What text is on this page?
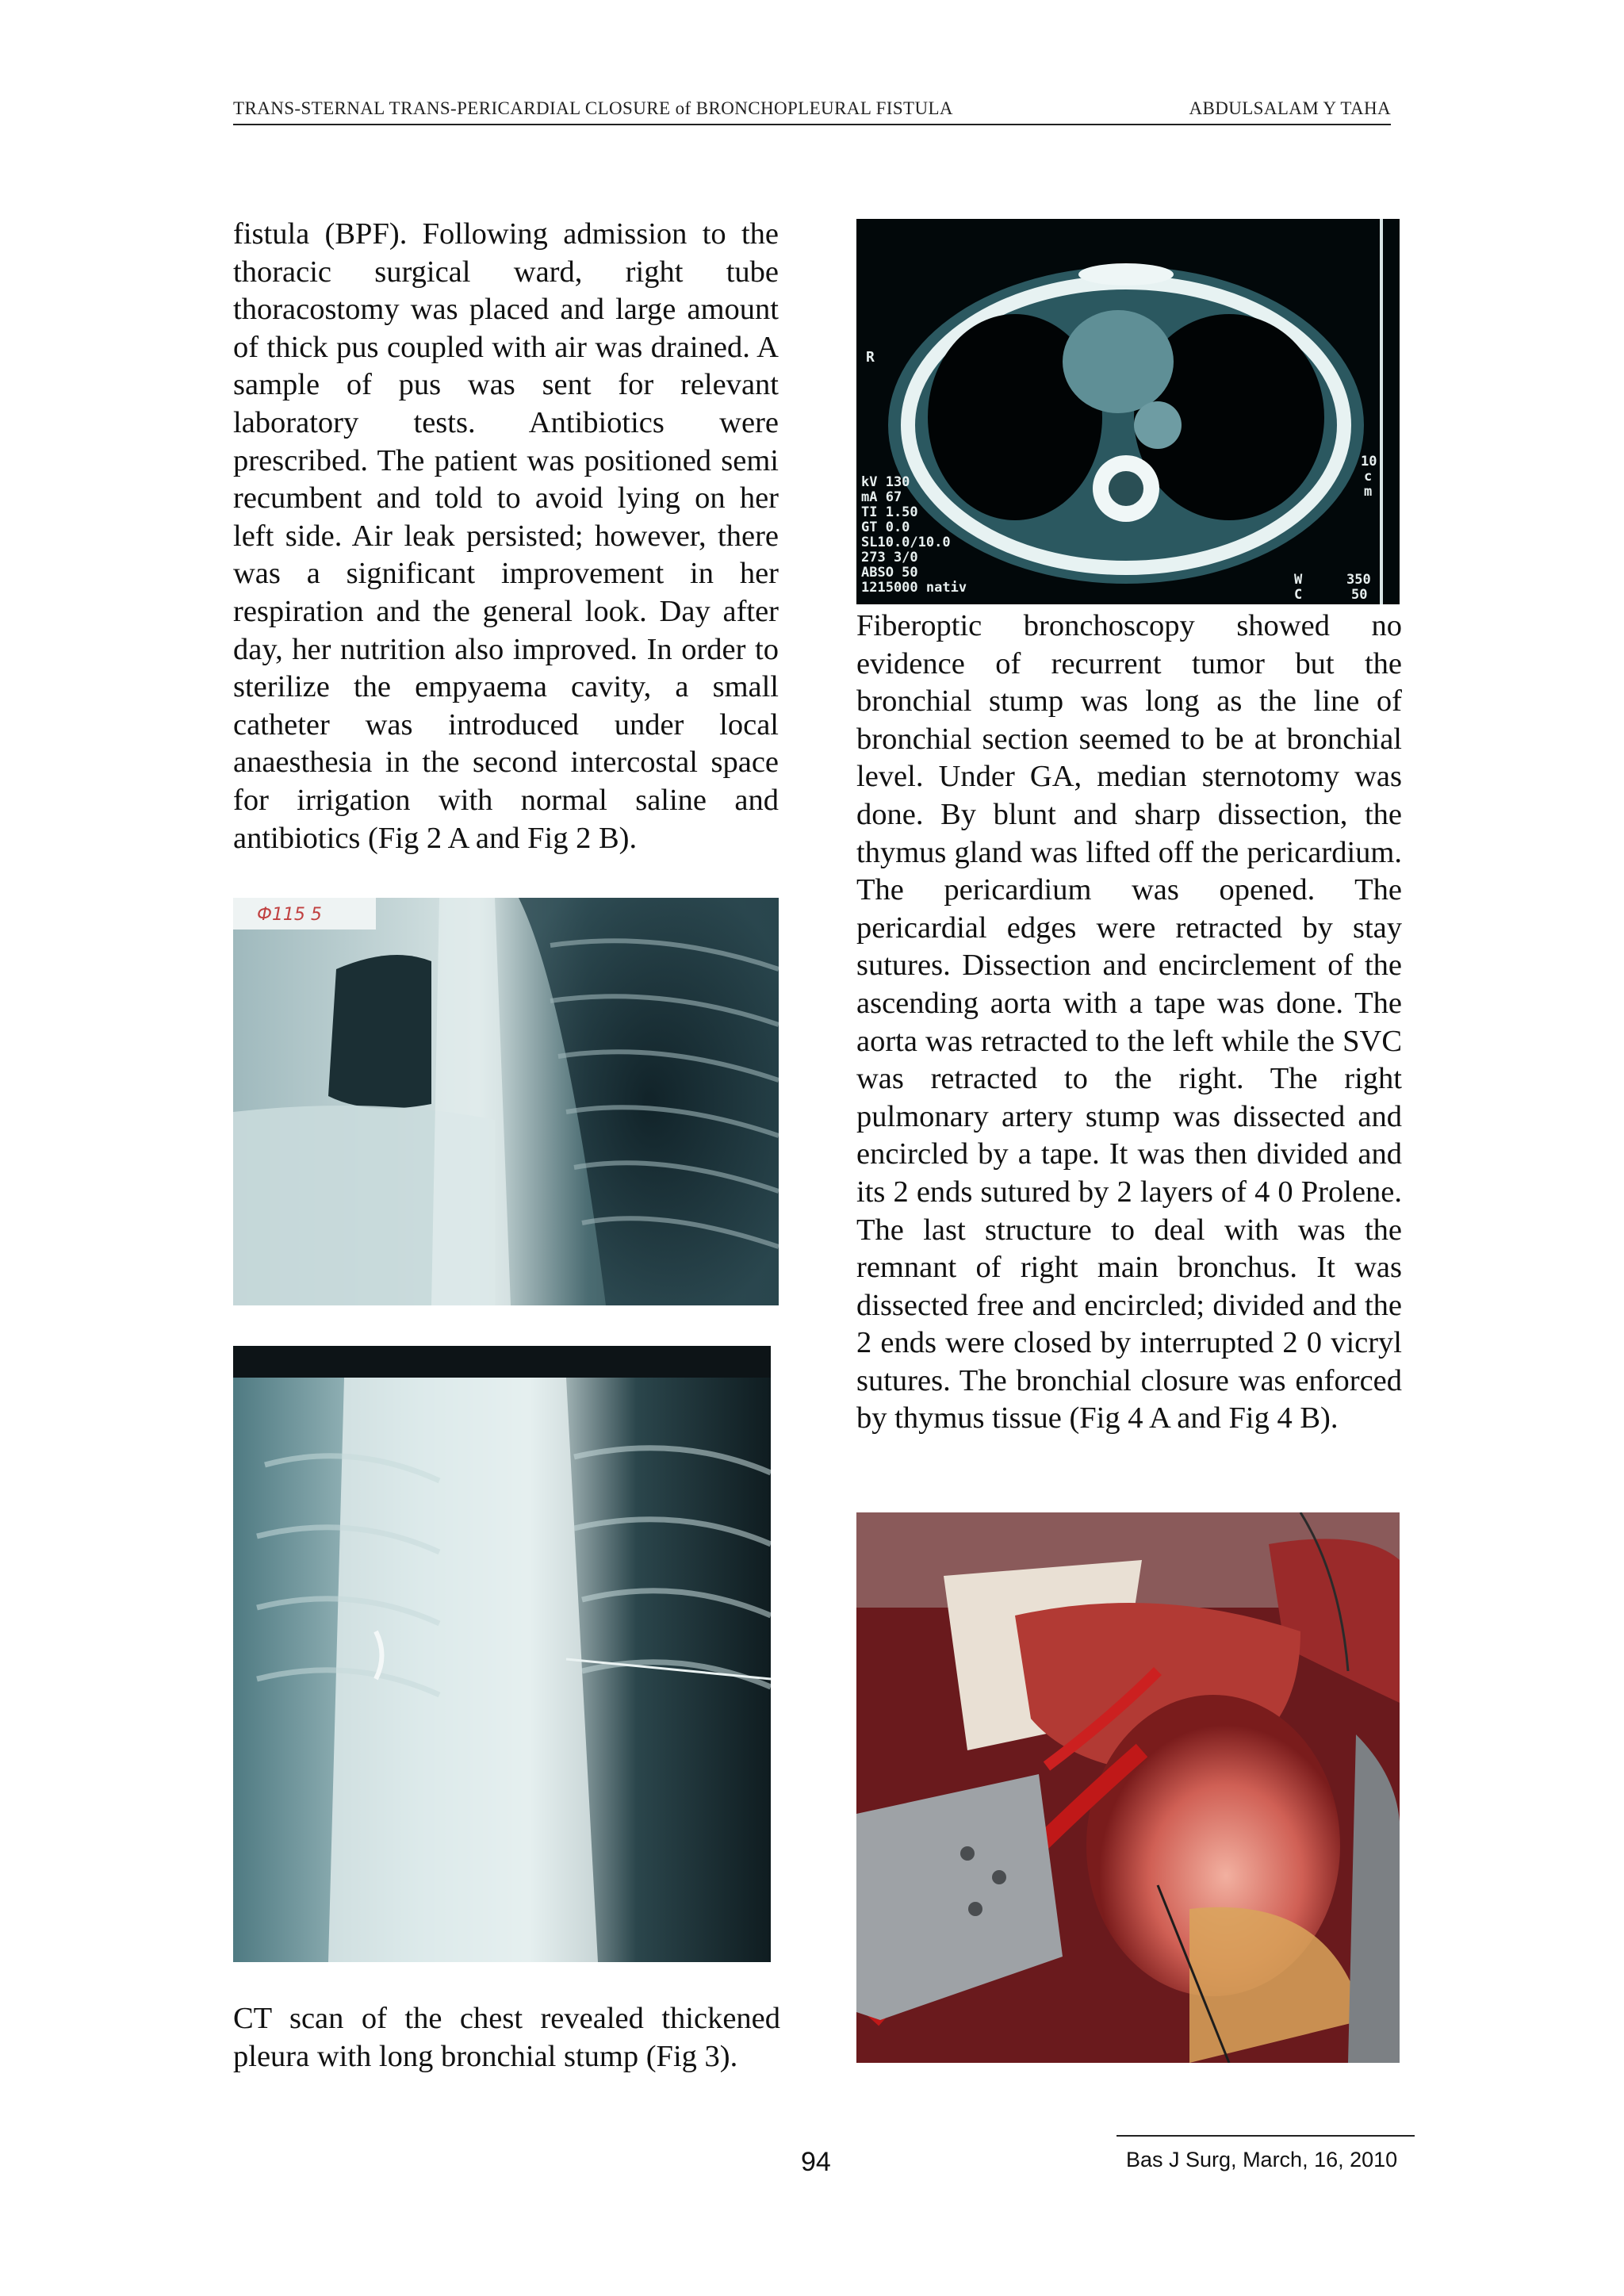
TRANS-STERNAL TRANS-PERICARDIAL CLOSURE of BRONCHOPLEURAL FISTULA	ABDULSALAM Y TAHA

fistula (BPF). Following admission to the thoracic surgical ward, right tube thoracostomy was placed and large amount of thick pus coupled with air was drained. A sample of pus was sent for relevant laboratory tests. Antibiotics were prescribed. The patient was positioned semi recumbent and told to avoid lying on her left side. Air leak persisted; however, there was a significant improvement in her respiration and the general look. Day after day, her nutrition also improved. In order to sterilize the empyaema cavity, a small catheter was introduced under local anaesthesia in the second intercostal space for irrigation with normal saline and antibiotics (Fig 2 A and Fig 2 B).

Ф115 5

CT scan of the chest revealed thickened pleura with long bronchial stump (Fig 3).

R
kV 130
mA 67
TI 1.50
GT 0.0
SL10.0/10.0
273 3/0
ABSO 50
1215000 nativ
10
c
m
W
C
350
50

Fiberoptic bronchoscopy showed no evidence of recurrent tumor but the bronchial stump was long as the line of bronchial section seemed to be at bronchial level. Under GA, median sternotomy was done. By blunt and sharp dissection, the thymus gland was lifted off the pericardium. The pericardium was opened. The pericardial edges were retracted by stay sutures. Dissection and encirclement of the ascending aorta with a tape was done. The aorta was retracted to the left while the SVC was retracted to the right. The right pulmonary artery stump was dissected and encircled by a tape. It was then divided and its 2 ends sutured by 2 layers of 4 0 Prolene. The last structure to deal with was the remnant of right main bronchus. It was dissected free and encircled; divided and the 2 ends were closed by interrupted 2 0 vicryl sutures. The bronchial closure was enforced by thymus tissue (Fig 4 A and Fig 4 B).

94	Bas J Surg, March, 16, 2010
